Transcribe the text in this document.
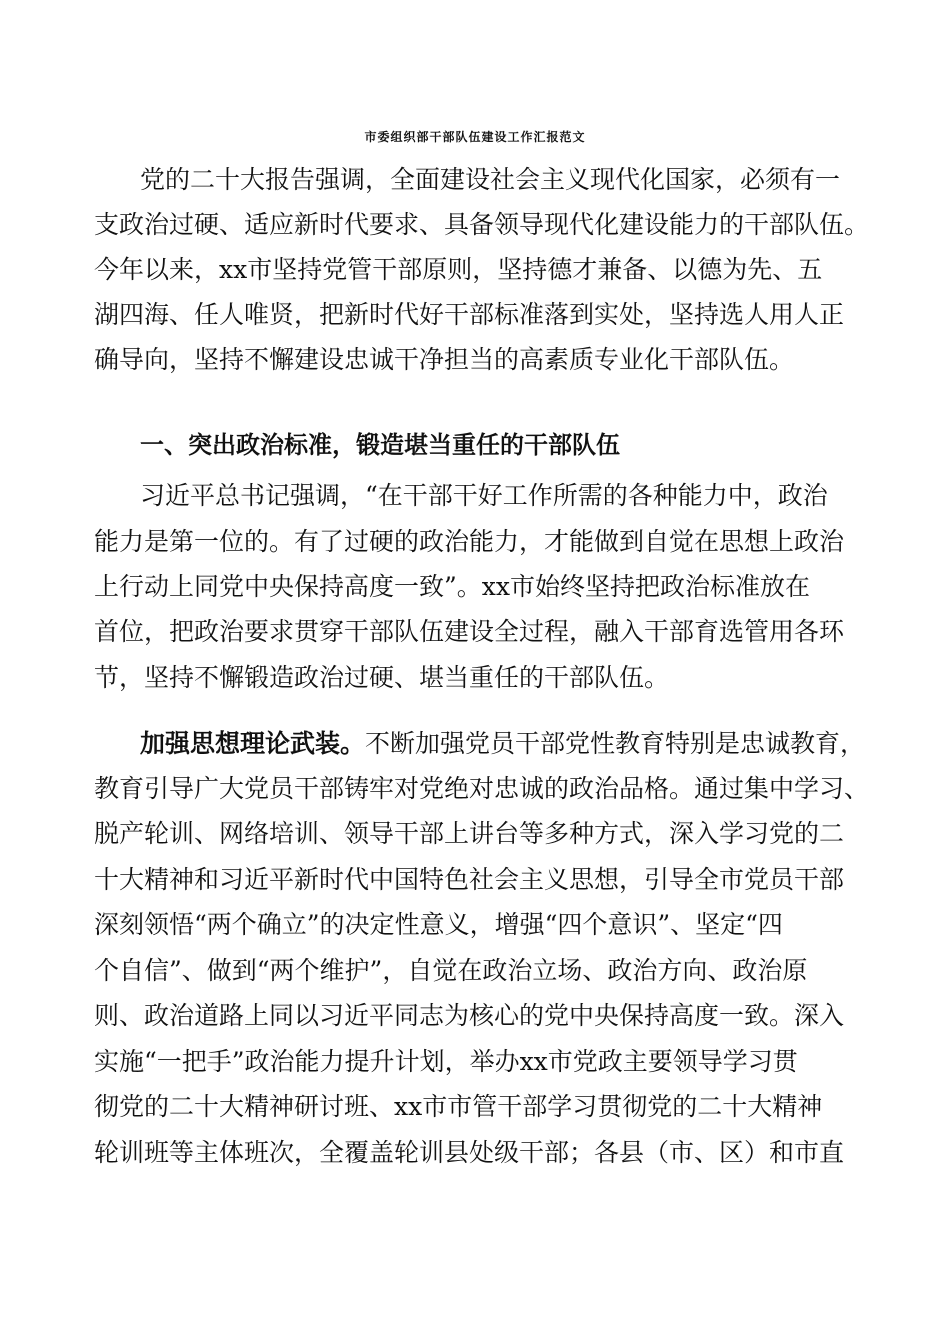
市委组织部干部队伍建设工作汇报范文
党的二十大报告强调，全面建设社会主义现代化国家，必须有一
支政治过硬、适应新时代要求、具备领导现代化建设能力的干部队伍。
今年以来，xx市坚持党管干部原则，坚持德才兼备、以德为先、五
湖四海、任人唯贤，把新时代好干部标准落到实处，坚持选人用人正
确导向，坚持不懈建设忠诚干净担当的高素质专业化干部队伍。
一、突出政治标准，锻造堪当重任的干部队伍
习近平总书记强调，“在干部干好工作所需的各种能力中，政治
能力是第一位的。有了过硬的政治能力，才能做到自觉在思想上政治
上行动上同党中央保持高度一致”。xx市始终坚持把政治标准放在
首位，把政治要求贯穿干部队伍建设全过程，融入干部育选管用各环
节，坚持不懈锻造政治过硬、堪当重任的干部队伍。
加强思想理论武装。不断加强党员干部党性教育特别是忠诚教育，
教育引导广大党员干部铸牢对党绝对忠诚的政治品格。通过集中学习、
脱产轮训、网络培训、领导干部上讲台等多种方式，深入学习党的二
十大精神和习近平新时代中国特色社会主义思想，引导全市党员干部
深刻领悟“两个确立”的决定性意义，增强“四个意识”、坚定“四
个自信”、做到“两个维护”，自觉在政治立场、政治方向、政治原
则、政治道路上同以习近平同志为核心的党中央保持高度一致。深入
实施“一把手”政治能力提升计划，举办xx市党政主要领导学习贯
彻党的二十大精神研讨班、xx市市管干部学习贯彻党的二十大精神
轮训班等主体班次，全覆盖轮训县处级干部；各县（市、区）和市直
